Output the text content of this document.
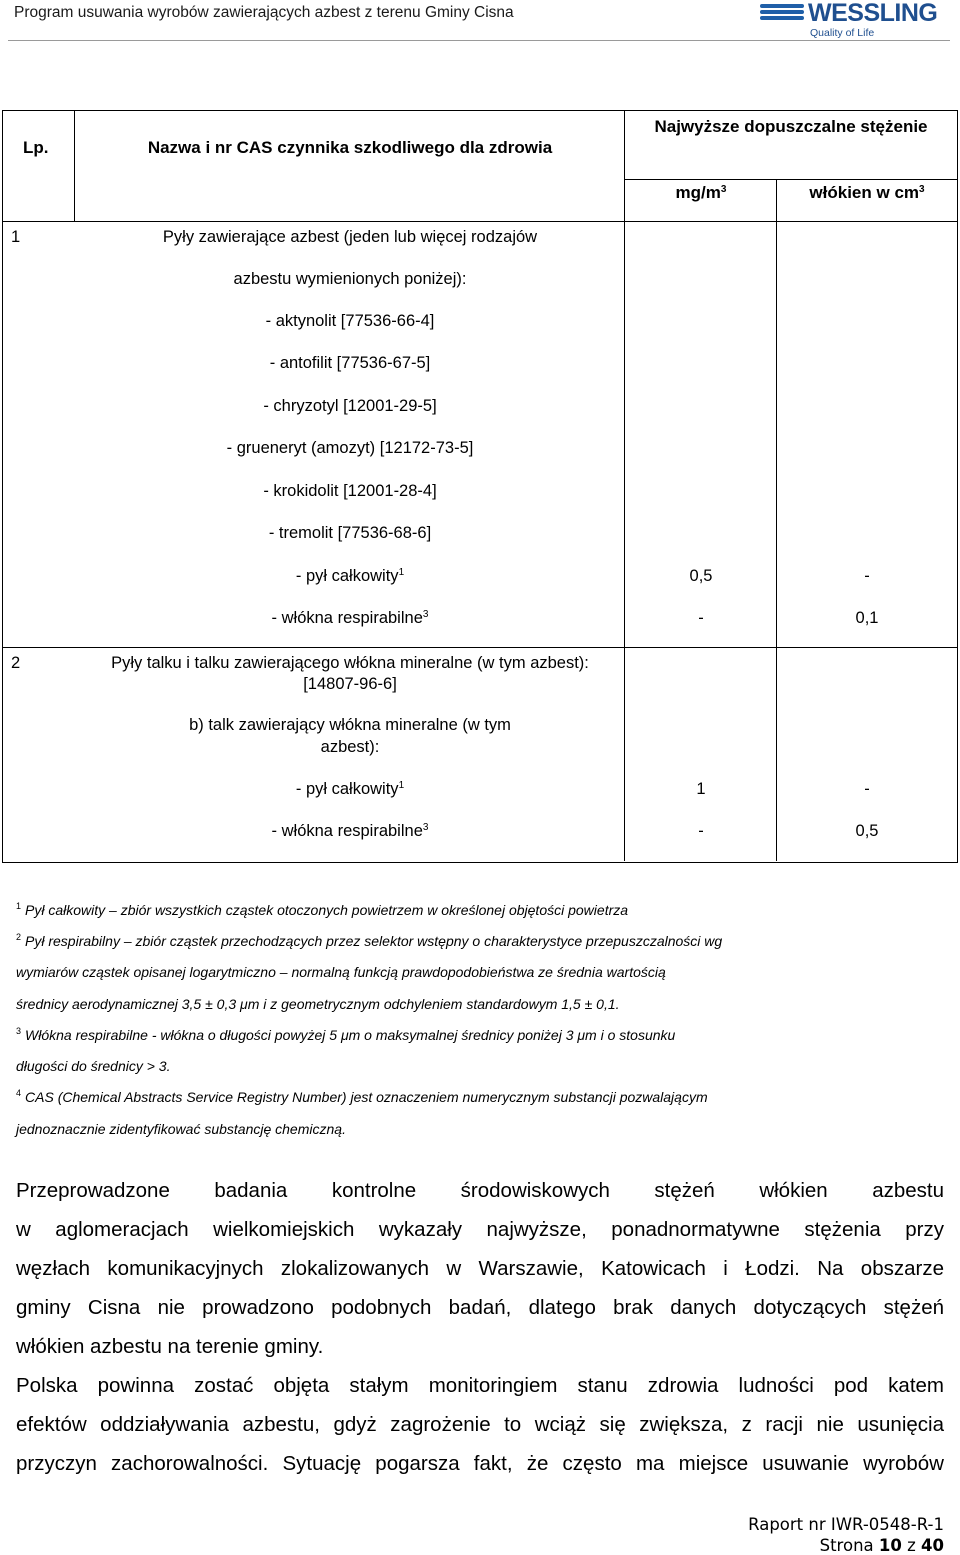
Program usuwania wyrobów zawierających azbest z terenu Gminy Cisna	WESSLING
Quality of Life
Lp.	Nazwa i nr CAS czynnika szkodliwego dla zdrowia
Najwyższe dopuszczalne stężenie
$mg/m^3$	włókien w $cm^3$
1	Pyły zawierające azbest (jeden lub więcej rodzajów
azbestu wymienionych poniżej):
- aktynolit [77536-66-4]
- antofilit [77536-67-5]
- chryzotyl [12001-29-5]
- grueneryt (amozyt) [12172-73-5]
- krokidolit [12001-28-4]
- tremolit [77536-68-6]
- pył całkowity$^1$	0,5	-
- włókna respirabilne$^3$	-	0,1
2	Pyły talku i talku zawierającego włókna mineralne (w tym azbest):
[14807-96-6]
b) talk zawierający włókna mineralne (w tym
azbest):
- pył całkowity$^1$	1	-
- włókna respirabilne$^3$	-	0,5
$^1$ Pył całkowity – zbiór wszystkich cząstek otoczonych powietrzem w określonej objętości powietrza
$^2$ Pył respirabilny – zbiór cząstek przechodzących przez selektor wstępny o charakterystyce przepuszczalności wg
wymiarów cząstek opisanej logarytmiczno – normalną funkcją prawdopodobieństwa ze średnia wartością
średnicy aerodynamicznej 3,5 ± 0,3 μm i z geometrycznym odchyleniem standardowym 1,5 ± 0,1.
$^3$ Włókna respirabilne - włókna o długości powyżej 5 μm o maksymalnej średnicy poniżej 3 μm i o stosunku
długości do średnicy > 3.
$^4$ CAS (Chemical Abstracts Service Registry Number) jest oznaczeniem numerycznym substancji pozwalającym
jednoznacznie zidentyfikować substancję chemiczną.
Przeprowadzone badania kontrolne środowiskowych stężeń włókien azbestu
w aglomeracjach wielkomiejskich wykazały najwyższe, ponadnormatywne stężenia przy
węzłach komunikacyjnych zlokalizowanych w Warszawie, Katowicach i Łodzi. Na obszarze
gminy Cisna nie prowadzono podobnych badań, dlatego brak danych dotyczących stężeń
włókien azbestu na terenie gminy.
Polska powinna zostać objęta stałym monitoringiem stanu zdrowia ludności pod katem
efektów oddziaływania azbestu, gdyż zagrożenie to wciąż się zwiększa, z racji nie usunięcia
przyczyn zachorowalności. Sytuację pogarsza fakt, że często ma miejsce usuwanie wyrobów
Raport nr IWR-0548-R-1
Strona 10 z 40
